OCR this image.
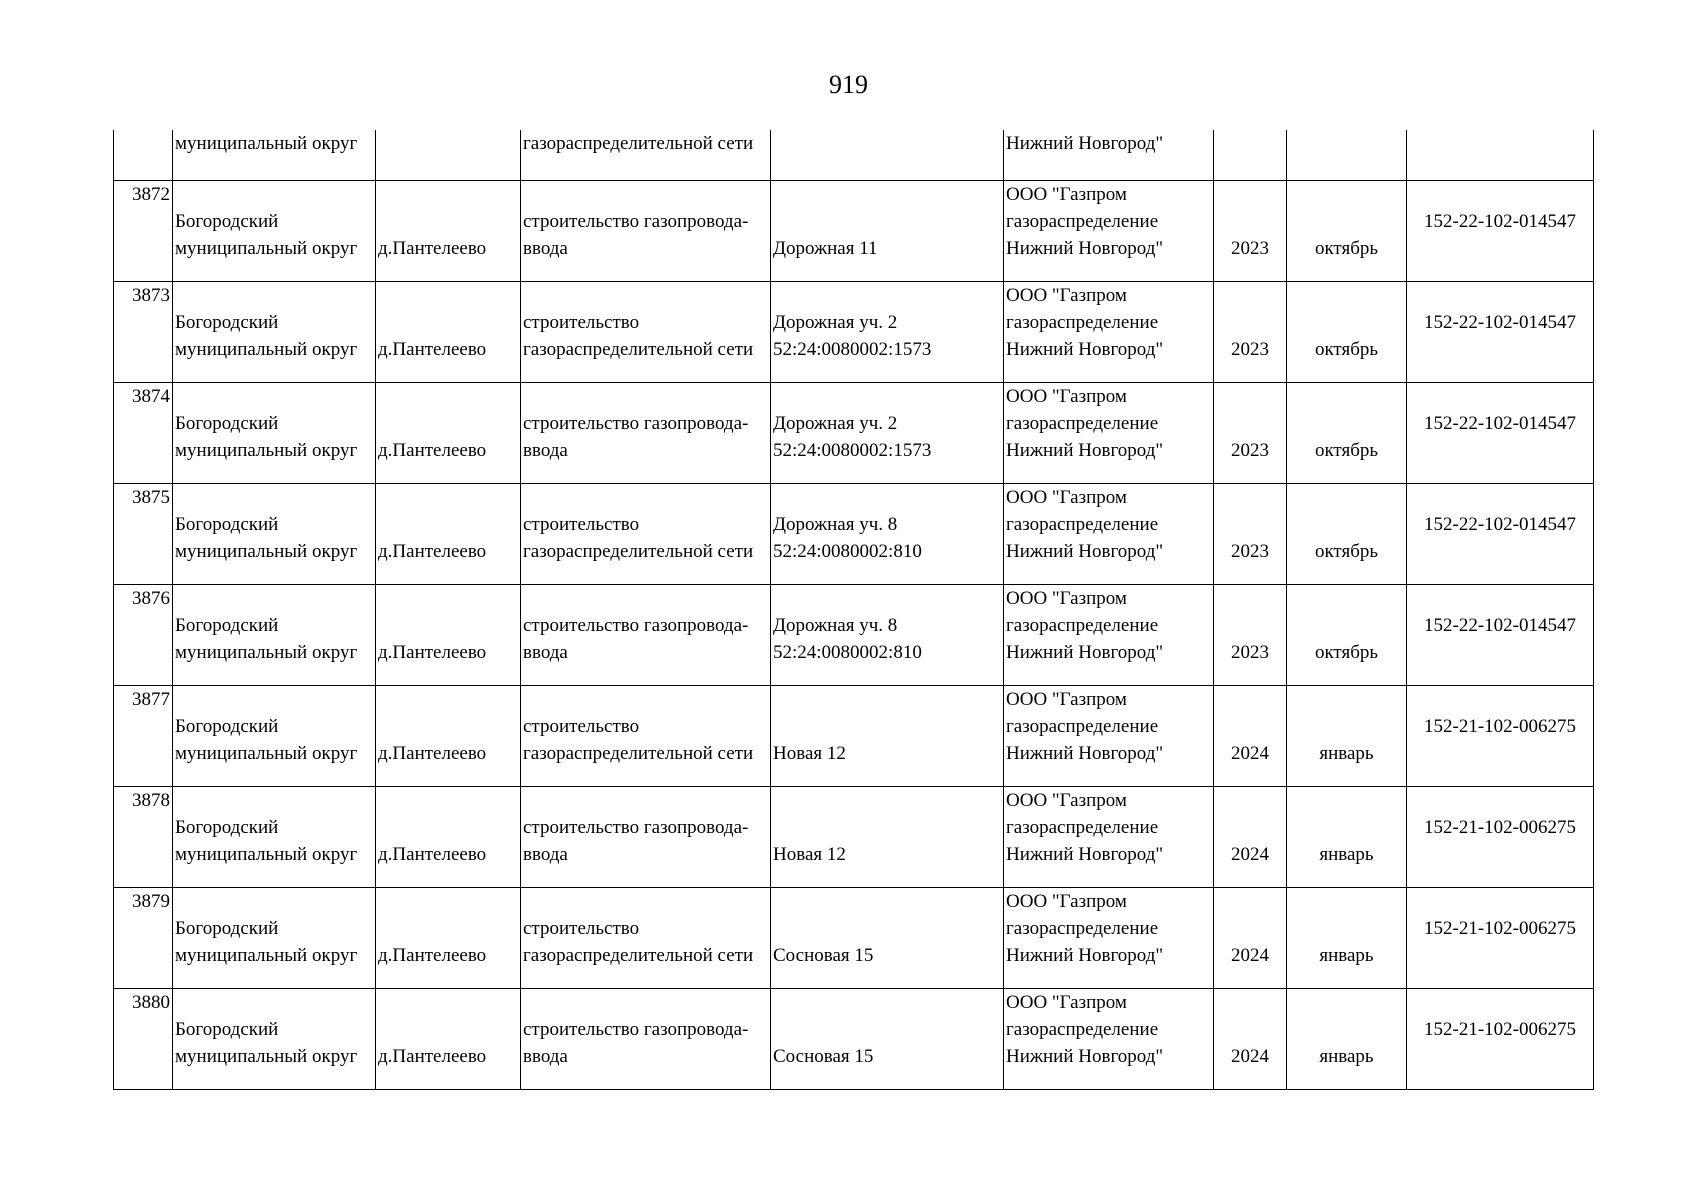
919
	муниципальный округ		газораспределительной сети		Нижний Новгород"			
3872	Богородский
муниципальный округ	д.Пантелеево	строительство газопровода-
ввода	Дорожная 11	ООО "Газпром
газораспределение
Нижний Новгород"	2023	октябрь	152-22-102-014547

3873	Богородский
муниципальный округ	д.Пантелеево	строительство
газораспределительной сети	Дорожная уч. 2
52:24:0080002:1573	ООО "Газпром
газораспределение
Нижний Новгород"	2023	октябрь	152-22-102-014547

3874	Богородский
муниципальный округ	д.Пантелеево	строительство газопровода-
ввода	Дорожная уч. 2
52:24:0080002:1573	ООО "Газпром
газораспределение
Нижний Новгород"	2023	октябрь	152-22-102-014547

3875	Богородский
муниципальный округ	д.Пантелеево	строительство
газораспределительной сети	Дорожная уч. 8
52:24:0080002:810	ООО "Газпром
газораспределение
Нижний Новгород"	2023	октябрь	152-22-102-014547

3876	Богородский
муниципальный округ	д.Пантелеево	строительство газопровода-
ввода	Дорожная уч. 8
52:24:0080002:810	ООО "Газпром
газораспределение
Нижний Новгород"	2023	октябрь	152-22-102-014547

3877	Богородский
муниципальный округ	д.Пантелеево	строительство
газораспределительной сети	Новая 12	ООО "Газпром
газораспределение
Нижний Новгород"	2024	январь	152-21-102-006275

3878	Богородский
муниципальный округ	д.Пантелеево	строительство газопровода-
ввода	Новая 12	ООО "Газпром
газораспределение
Нижний Новгород"	2024	январь	152-21-102-006275

3879	Богородский
муниципальный округ	д.Пантелеево	строительство
газораспределительной сети	Сосновая 15	ООО "Газпром
газораспределение
Нижний Новгород"	2024	январь	152-21-102-006275

3880	Богородский
муниципальный округ	д.Пантелеево	строительство газопровода-
ввода	Сосновая 15	ООО "Газпром
газораспределение
Нижний Новгород"	2024	январь	152-21-102-006275
